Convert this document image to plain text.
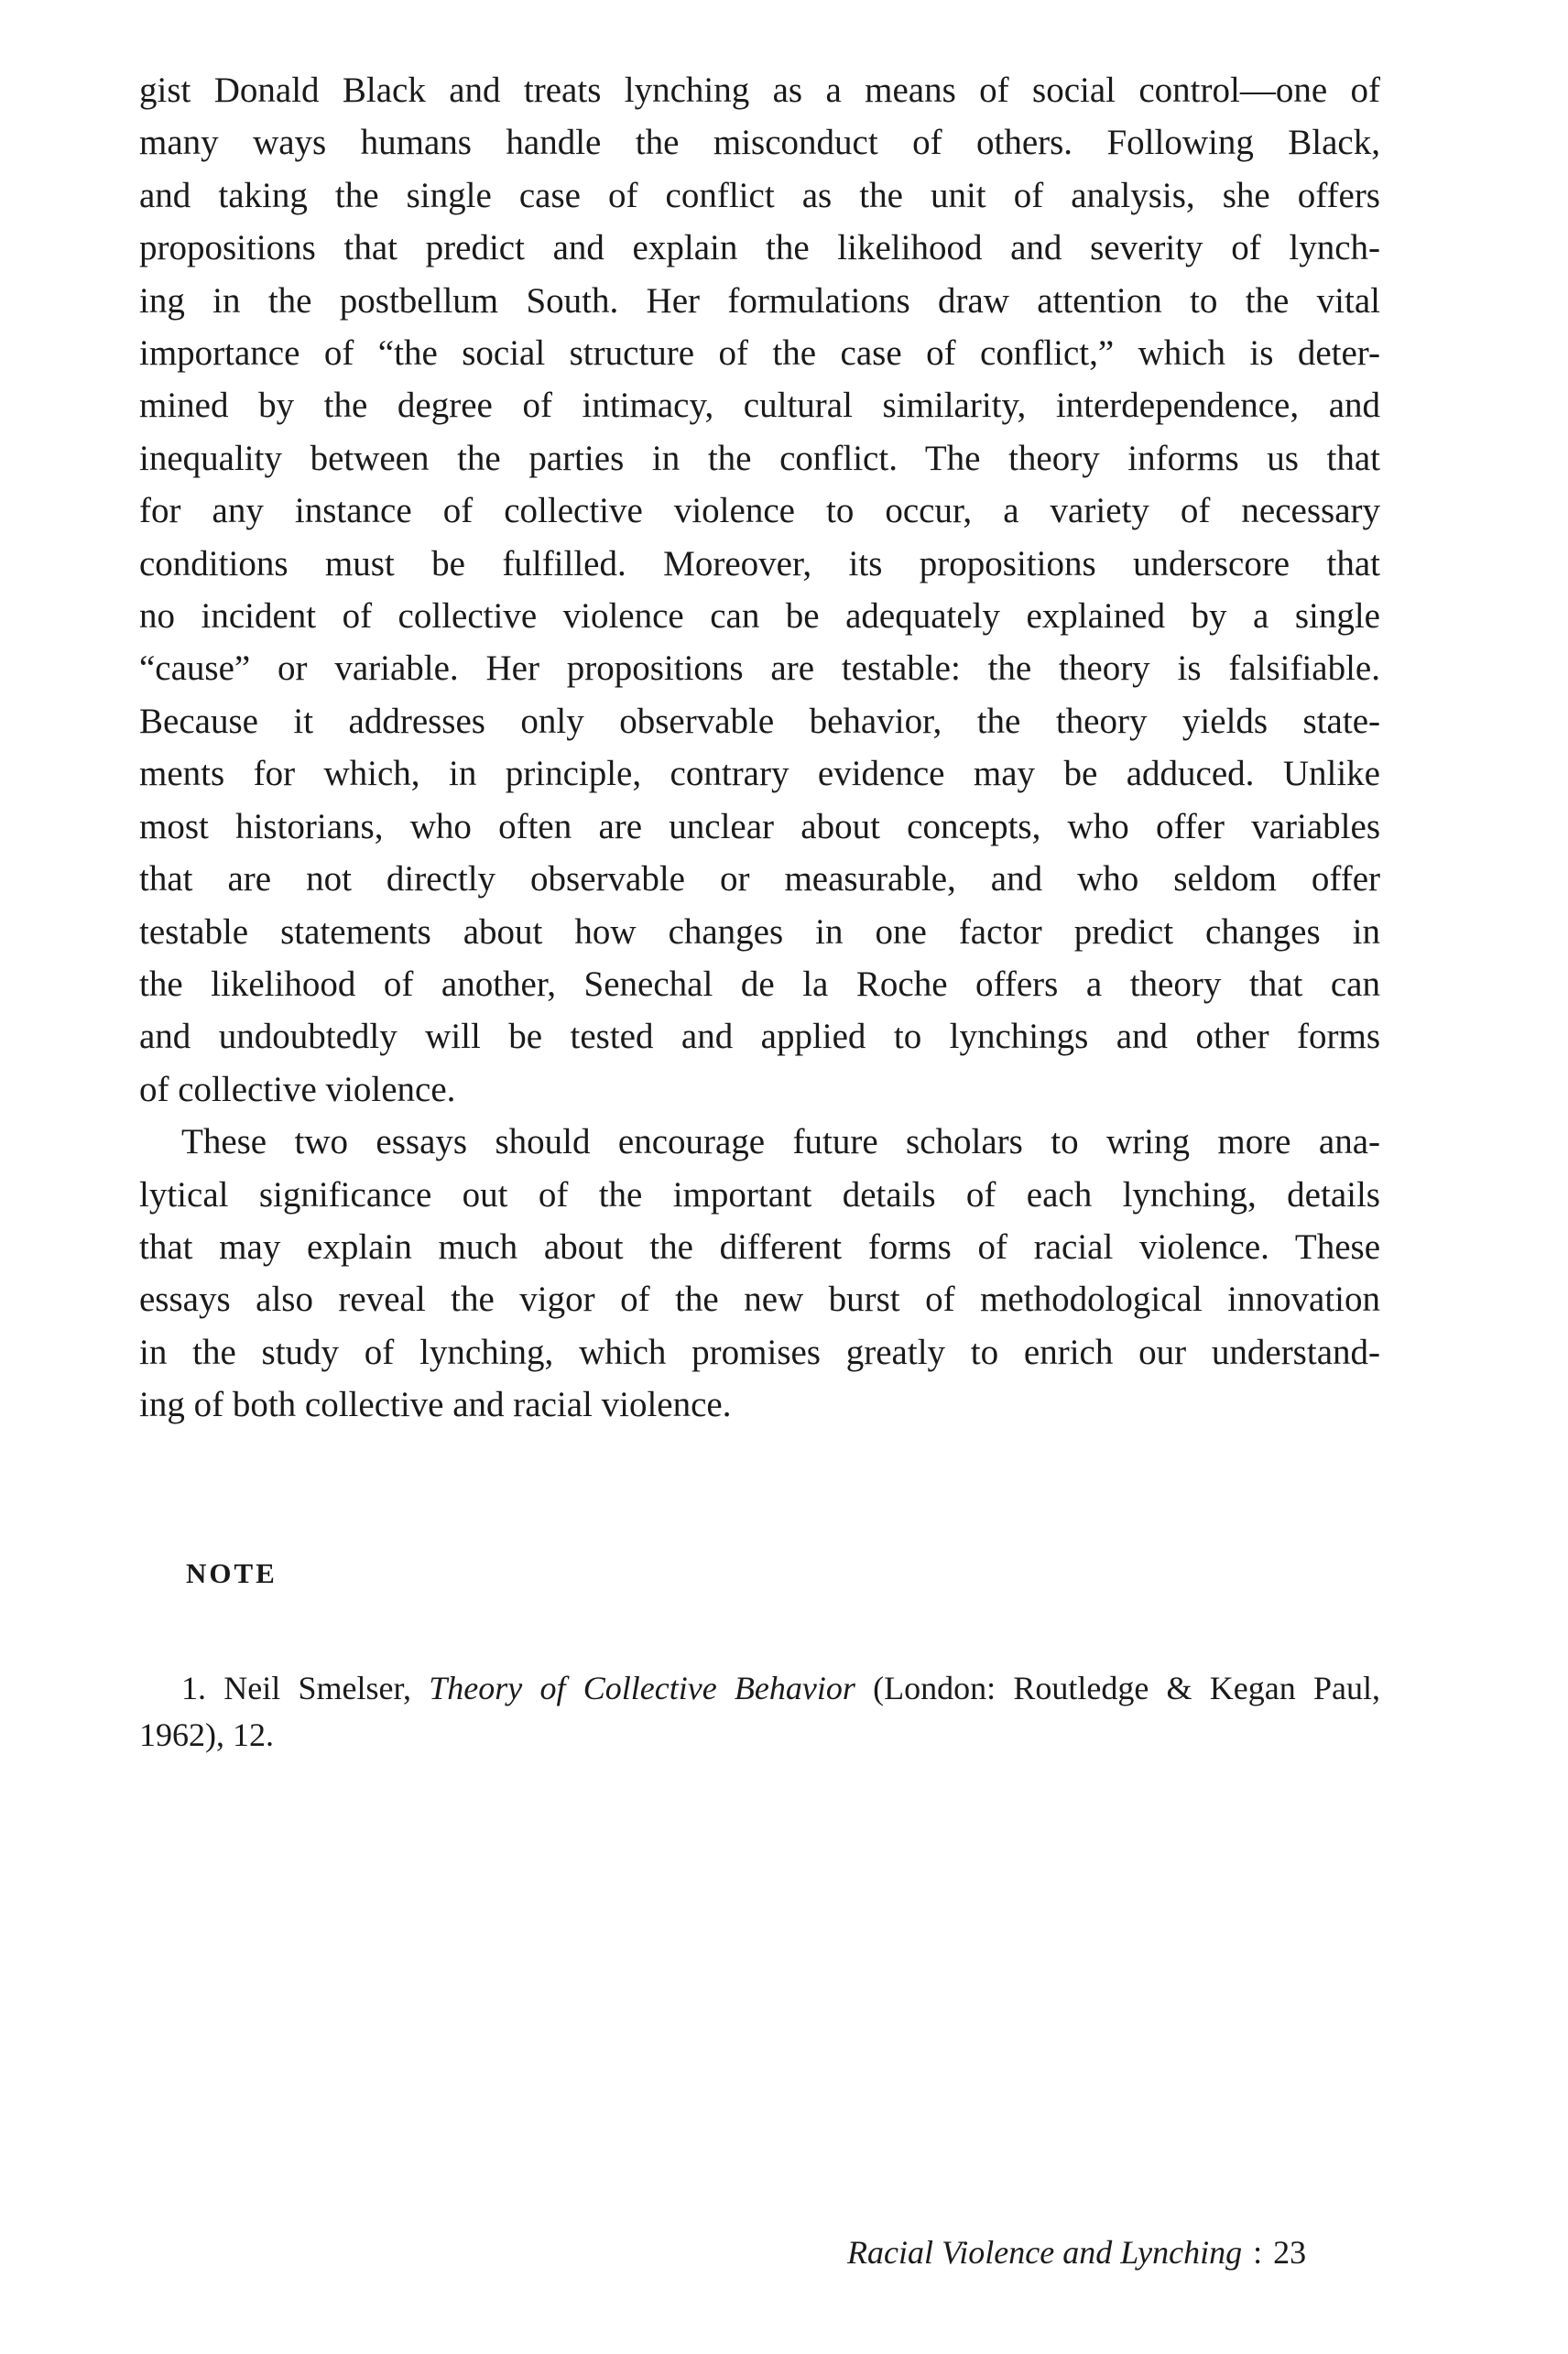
gist Donald Black and treats lynching as a means of social control—one of
many ways humans handle the misconduct of others. Following Black,
and taking the single case of conflict as the unit of analysis, she offers
propositions that predict and explain the likelihood and severity of lynch-
ing in the postbellum South. Her formulations draw attention to the vital
importance of “the social structure of the case of conflict,” which is deter-
mined by the degree of intimacy, cultural similarity, interdependence, and
inequality between the parties in the conflict. The theory informs us that
for any instance of collective violence to occur, a variety of necessary
conditions must be fulfilled. Moreover, its propositions underscore that
no incident of collective violence can be adequately explained by a single
“cause” or variable. Her propositions are testable: the theory is falsifiable.
Because it addresses only observable behavior, the theory yields state-
ments for which, in principle, contrary evidence may be adduced. Unlike
most historians, who often are unclear about concepts, who offer variables
that are not directly observable or measurable, and who seldom offer
testable statements about how changes in one factor predict changes in
the likelihood of another, Senechal de la Roche offers a theory that can
and undoubtedly will be tested and applied to lynchings and other forms
of collective violence.

These two essays should encourage future scholars to wring more ana-
lytical significance out of the important details of each lynching, details
that may explain much about the different forms of racial violence. These
essays also reveal the vigor of the new burst of methodological innovation
in the study of lynching, which promises greatly to enrich our understand-
ing of both collective and racial violence.

NOTE
1. Neil Smelser, Theory of Collective Behavior (London: Routledge & Kegan Paul,
1962), 12.
Racial Violence and Lynching : 23
